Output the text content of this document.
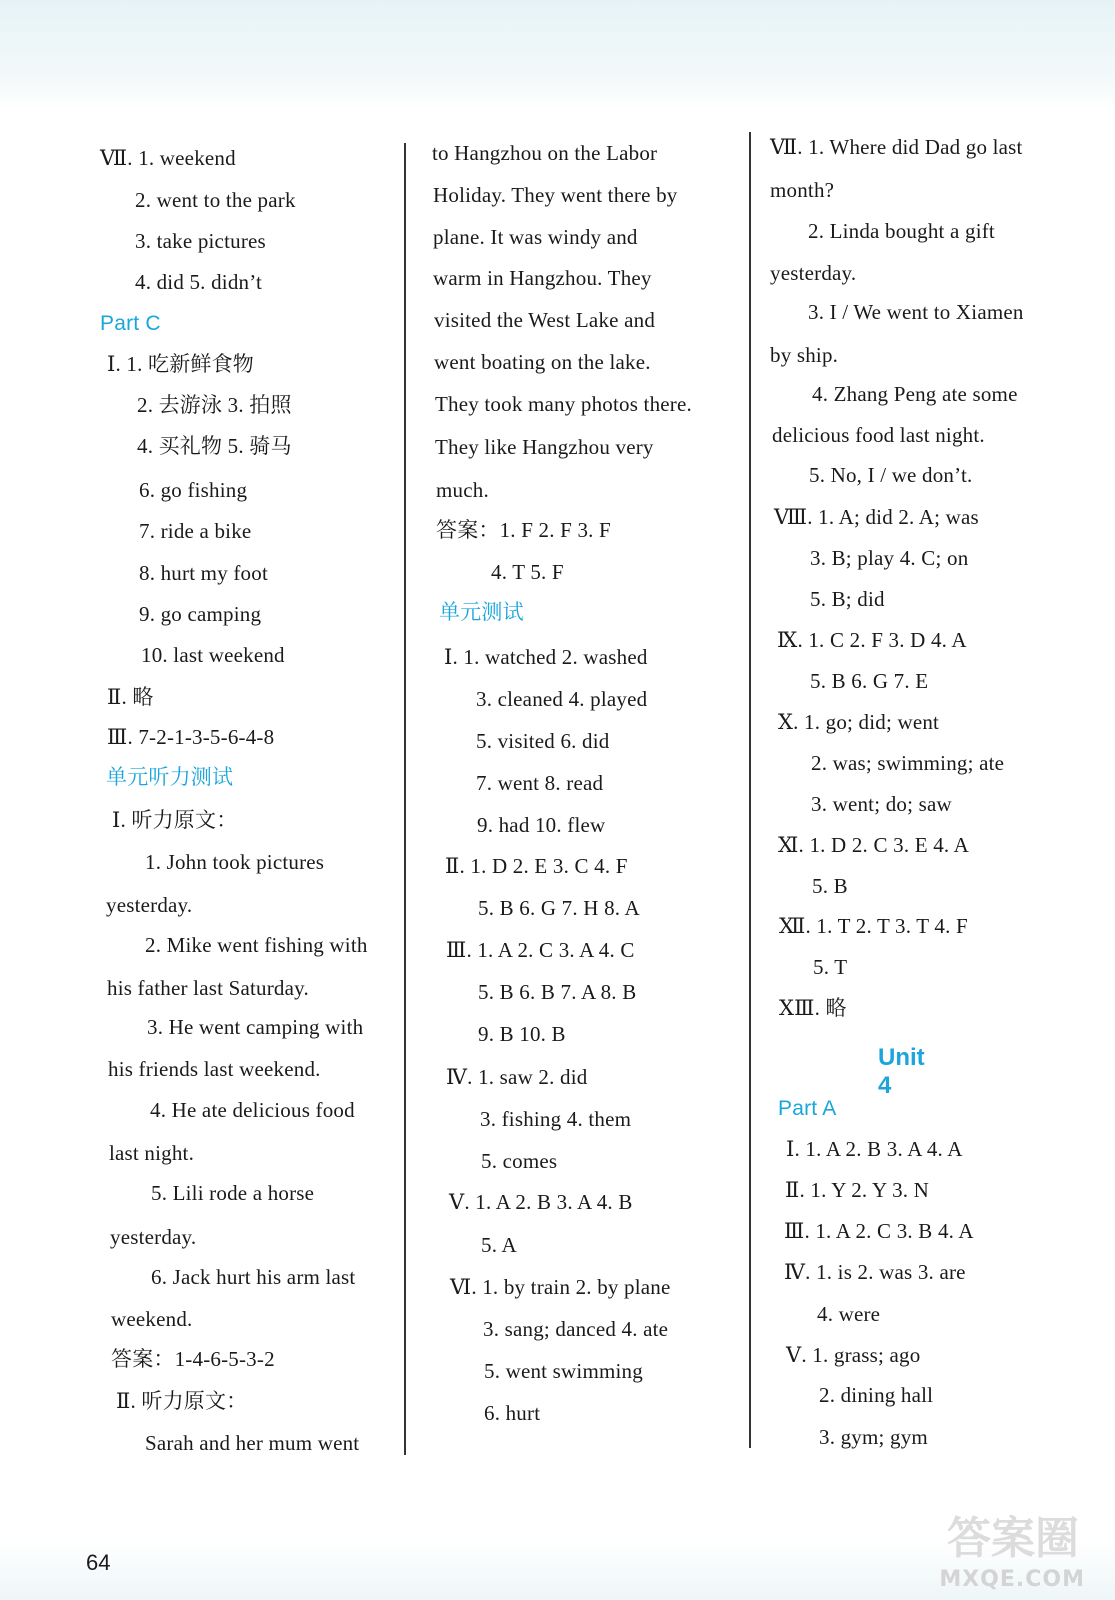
Ⅶ. 1. weekend
2. went to the park
3. take pictures
4. did 5. didn’t
Part C
Ⅰ. 1. 吃新鲜食物
2. 去游泳 3. 拍照
4. 买礼物 5. 骑马
6. go fishing
7. ride a bike
8. hurt my foot
9. go camping
10. last weekend
Ⅱ. 略
Ⅲ. 7-2-1-3-5-6-4-8
单元听力测试
Ⅰ. 听力原文：
1. John took pictures
yesterday.
2. Mike went fishing with
his father last Saturday.
3. He went camping with
his friends last weekend.
4. He ate delicious food
last night.
5. Lili rode a horse
yesterday.
6. Jack hurt his arm last
weekend.
答案：1-4-6-5-3-2
Ⅱ. 听力原文：
Sarah and her mum went
to Hangzhou on the Labor
Holiday. They went there by
plane. It was windy and
warm in Hangzhou. They
visited the West Lake and
went boating on the lake.
They took many photos there.
They like Hangzhou very
much.
答案：1. F 2. F 3. F
4. T 5. F
单元测试
Ⅰ. 1. watched 2. washed
3. cleaned 4. played
5. visited 6. did
7. went 8. read
9. had 10. flew
Ⅱ. 1. D 2. E 3. C 4. F
5. B 6. G 7. H 8. A
Ⅲ. 1. A 2. C 3. A 4. C
5. B 6. B 7. A 8. B
9. B 10. B
Ⅳ. 1. saw 2. did
3. fishing 4. them
5. comes
Ⅴ. 1. A 2. B 3. A 4. B
5. A
Ⅵ. 1. by train 2. by plane
3. sang; danced 4. ate
5. went swimming
6. hurt
Ⅶ. 1. Where did Dad go last
month?
2. Linda bought a gift
yesterday.
3. I / We went to Xiamen
by ship.
4. Zhang Peng ate some
delicious food last night.
5. No, I / we don’t.
Ⅷ. 1. A; did 2. A; was
3. B; play 4. C; on
5. B; did
Ⅸ. 1. C 2. F 3. D 4. A
5. B 6. G 7. E
Ⅹ. 1. go; did; went
2. was; swimming; ate
3. went; do; saw
Ⅺ. 1. D 2. C 3. E 4. A
5. B
Ⅻ. 1. T 2. T 3. T 4. F
5. T
ⅩⅢ. 略
Unit 4
Part A
Ⅰ. 1. A 2. B 3. A 4. A
Ⅱ. 1. Y 2. Y 3. N
Ⅲ. 1. A 2. C 3. B 4. A
Ⅳ. 1. is 2. was 3. are
4. were
Ⅴ. 1. grass; ago
2. dining hall
3. gym; gym
64	答案圈
MXQE.COM
